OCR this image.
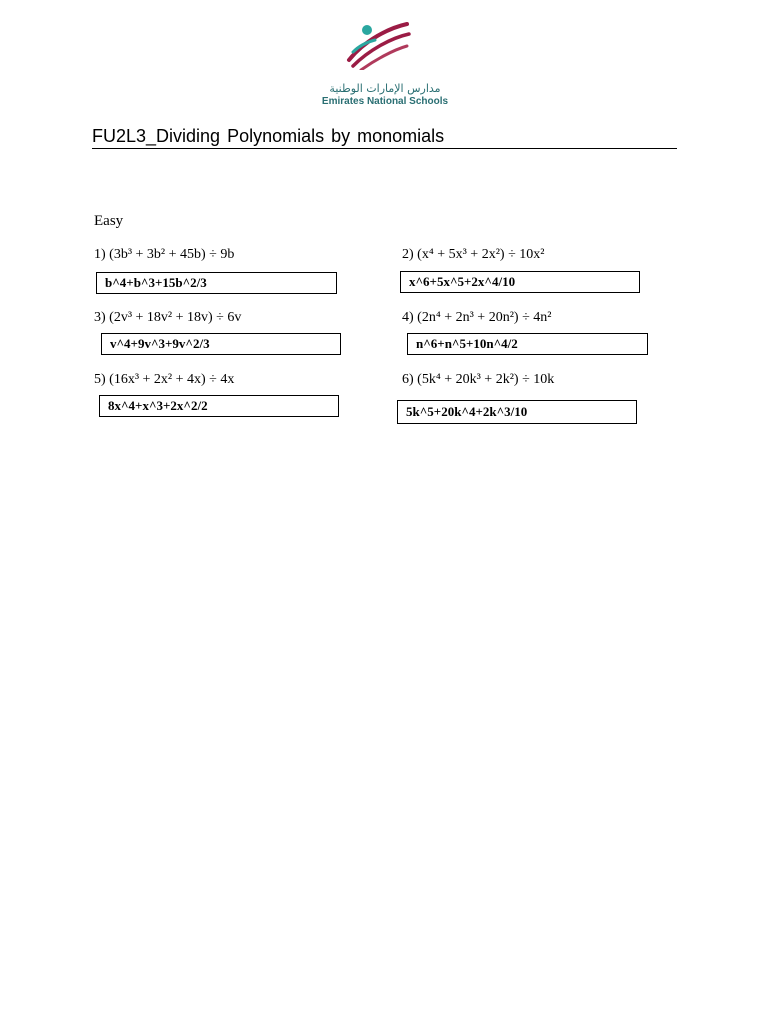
مدارس الإمارات الوطنية
Emirates National Schools
FU2L3_Dividing Polynomials by monomials
Easy
1) (3b³ + 3b² + 45b) ÷ 9b
b^4+b^3+15b^2/3
2) (x⁴ + 5x³ + 2x²) ÷ 10x²
x^6+5x^5+2x^4/10
3) (2v³ + 18v² + 18v) ÷ 6v
v^4+9v^3+9v^2/3
4) (2n⁴ + 2n³ + 20n²) ÷ 4n²
n^6+n^5+10n^4/2
5) (16x³ + 2x² + 4x) ÷ 4x
8x^4+x^3+2x^2/2
6) (5k⁴ + 20k³ + 2k²) ÷ 10k
5k^5+20k^4+2k^3/10
